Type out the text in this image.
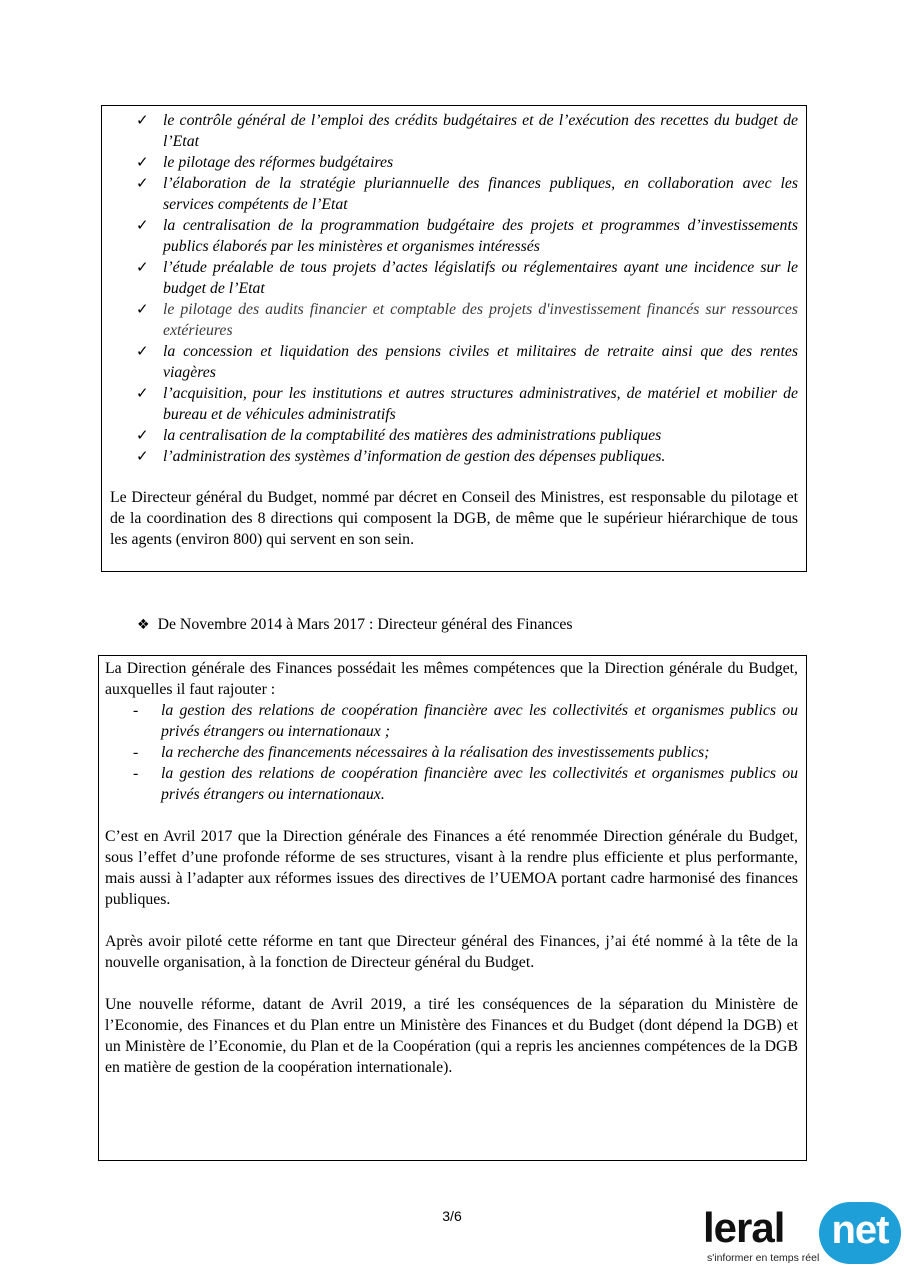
✓ le contrôle général de l’emploi des crédits budgétaires et de l’exécution des recettes du budget de l’Etat
✓ le pilotage des réformes budgétaires
✓ l’élaboration de la stratégie pluriannuelle des finances publiques, en collaboration avec les services compétents de l’Etat
✓ la centralisation de la programmation budgétaire des projets et programmes d’investissements publics élaborés par les ministères et organismes intéressés
✓ l’étude préalable de tous projets d’actes législatifs ou réglementaires ayant une incidence sur le budget de l’Etat
✓ le pilotage des audits financier et comptable des projets d'investissement financés sur ressources extérieures
✓ la concession et liquidation des pensions civiles et militaires de retraite ainsi que des rentes viagères
✓ l’acquisition, pour les institutions et autres structures administratives, de matériel et mobilier de bureau et de véhicules administratifs
✓ la centralisation de la comptabilité des matières des administrations publiques
✓ l’administration des systèmes d’information de gestion des dépenses publiques.

Le Directeur général du Budget, nommé par décret en Conseil des Ministres, est responsable du pilotage et de la coordination des 8 directions qui composent la DGB, de même que le supérieur hiérarchique de tous les agents (environ 800) qui servent en son sein.

❖ De Novembre 2014 à Mars 2017 : Directeur général des Finances

La Direction générale des Finances possédait les mêmes compétences que la Direction générale du Budget, auxquelles il faut rajouter :

- la gestion des relations de coopération financière avec les collectivités et organismes publics ou privés étrangers ou internationaux ;
- la recherche des financements nécessaires à la réalisation des investissements publics;
- la gestion des relations de coopération financière avec les collectivités et organismes publics ou privés étrangers ou internationaux.

C’est en Avril 2017 que la Direction générale des Finances a été renommée Direction générale du Budget, sous l’effet d’une profonde réforme de ses structures, visant à la rendre plus efficiente et plus performante, mais aussi à l’adapter aux réformes issues des directives de l’UEMOA portant cadre harmonisé des finances publiques.

Après avoir piloté cette réforme en tant que Directeur général des Finances, j’ai été nommé à la tête de la nouvelle organisation, à la fonction de Directeur général du Budget.

Une nouvelle réforme, datant de Avril 2019, a tiré les conséquences de la séparation du Ministère de l’Economie, des Finances et du Plan entre un Ministère des Finances et du Budget (dont dépend la DGB) et un Ministère de l’Economie, du Plan et de la Coopération (qui a repris les anciennes compétences de la DGB en matière de gestion de la coopération internationale).

3/6	leral	net
s'informer en temps réel
